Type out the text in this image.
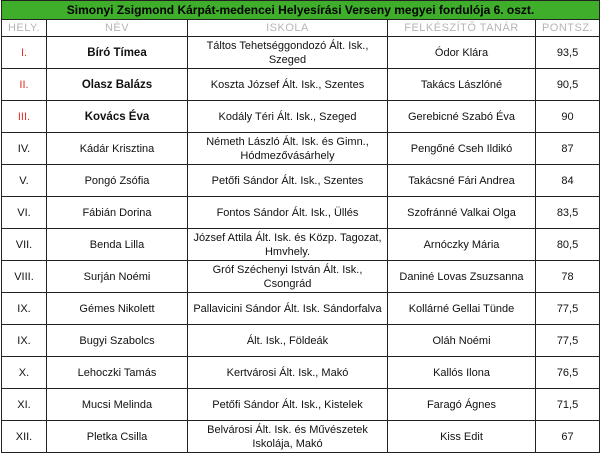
Simonyi Zsigmond Kárpát-medencei Helyesírási Verseny megyei fordulója 6. oszt.				
HELY.	NÉV	ISKOLA	FELKÉSZÍTŐ TANÁR	PONTSZ.
I.	Bíró Tímea	Táltos Tehetséggondozó Ált. Isk., Szeged	Ódor Klára	93,5
II.	Olasz Balázs	Koszta József Ált. Isk., Szentes	Takács Lászlóné	90,5
III.	Kovács Éva	Kodály Téri Ált. Isk., Szeged	Gerebicné Szabó Éva	90
IV.	Kádár Krisztina	Németh László Ált. Isk. és Gimn., Hódmezővásárhely	Pengőné Cseh Ildikó	87
V.	Pongó Zsófia	Petőfi Sándor Ált. Isk., Szentes	Takácsné Fári Andrea	84
VI.	Fábián Dorina	Fontos Sándor Ált. Isk., Üllés	Szofránné Valkai Olga	83,5
VII.	Benda Lilla	József Attila Ált. Isk. és Közp. Tagozat, Hmvhely.	Arnóczky Mária	80,5
VIII.	Surján Noémi	Gróf Széchenyi István Ált. Isk., Csongrád	Daniné Lovas Zsuzsanna	78
IX.	Gémes Nikolett	Pallavicini Sándor Ált. Isk. Sándorfalva	Kollárné Gellai Tünde	77,5
IX.	Bugyi Szabolcs	Ált. Isk., Földeák	Oláh Noémi	77,5
X.	Lehoczki Tamás	Kertvárosi Ált. Isk., Makó	Kallós Ilona	76,5
XI.	Mucsi Melinda	Petőfi Sándor Ált. Isk., Kistelek	Faragó Ágnes	71,5
XII.	Pletka Csilla	Belvárosi Ált. Isk. és Művészetek Iskolája, Makó	Kiss Edit	67
